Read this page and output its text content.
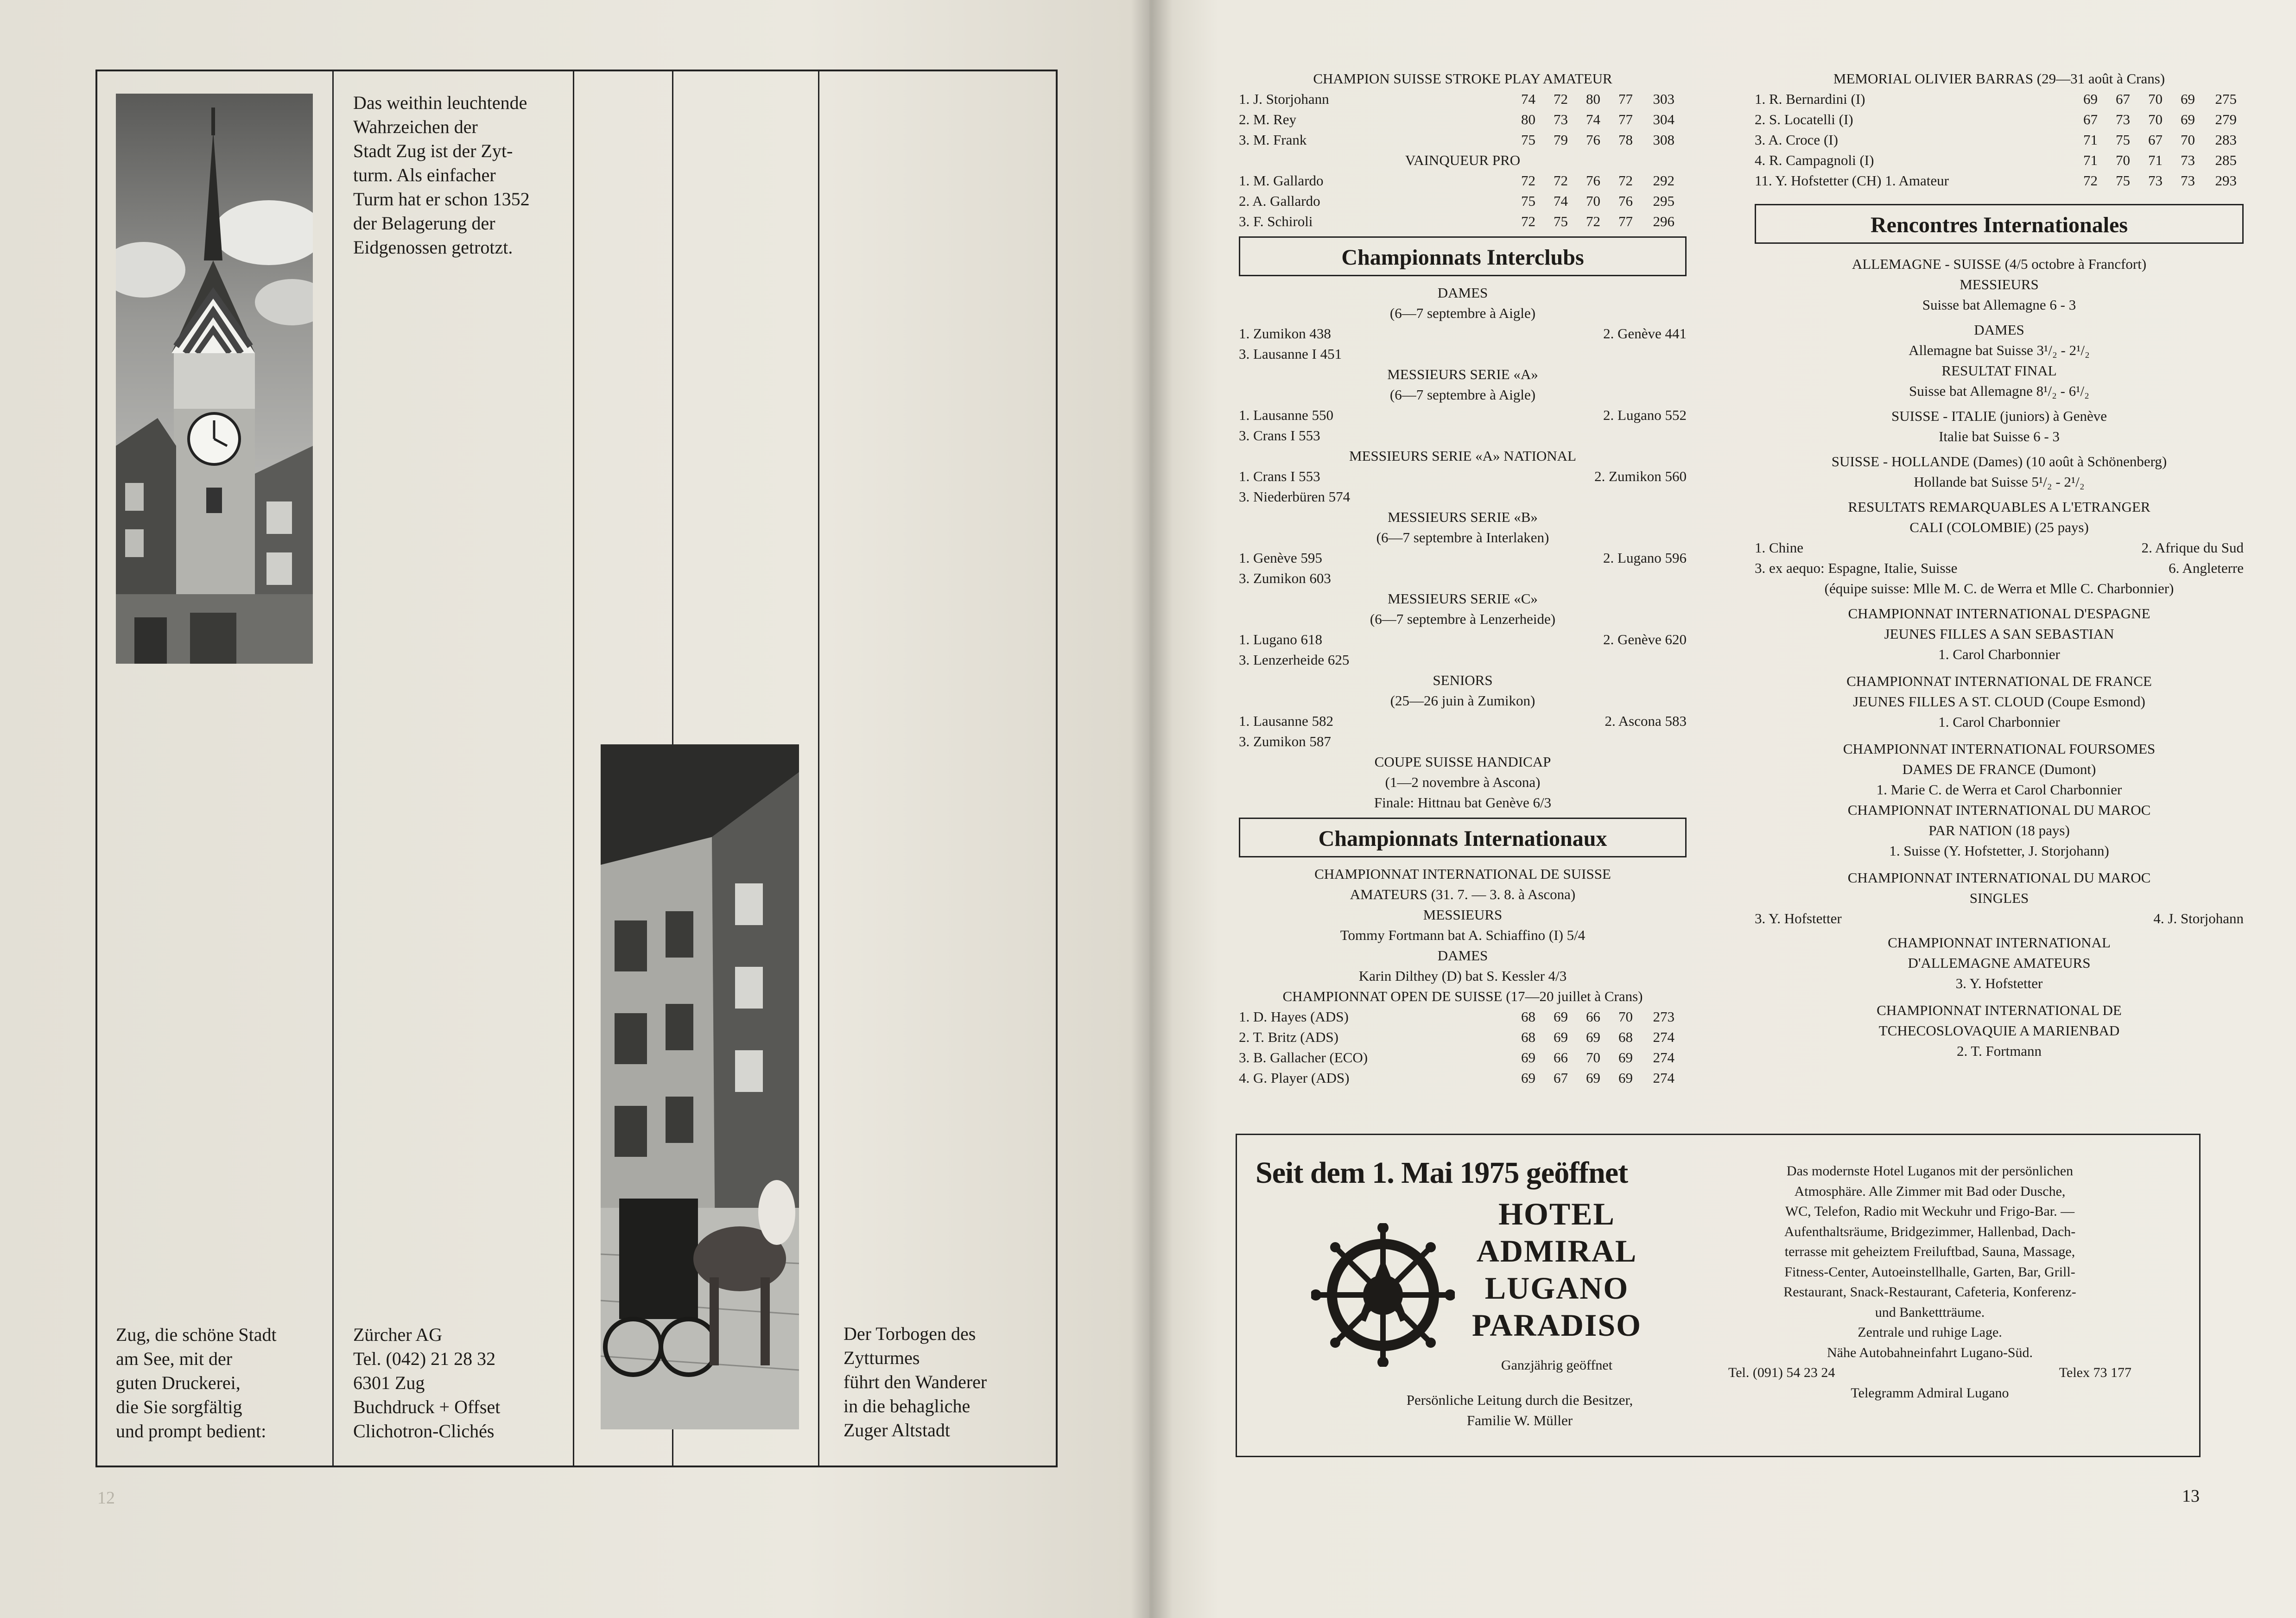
Zug, die schöne Stadt
am See, mit der
guten Druckerei,
die Sie sorgfältig
und prompt bedient:
Das weithin leuchtende
Wahrzeichen der
Stadt Zug ist der Zyt-
turm. Als einfacher
Turm hat er schon 1352
der Belagerung der
Eidgenossen getrotzt.
Zürcher AG
Tel. (042) 21 28 32
6301 Zug
Buchdruck + Offset
Clichotron-Clichés
Der Torbogen des
Zytturmes
führt den Wanderer
in die behagliche
Zuger Altstadt
12
CHAMPION SUISSE STROKE PLAY AMATEUR
1. J. Storjohann	74 72 80 77	303
2. M. Rey	80 73 74 77	304
3. M. Frank	75 79 76 78	308
VAINQUEUR PRO
1. M. Gallardo	72 72 76 72	292
2. A. Gallardo	75 74 70 76	295
3. F. Schiroli	72 75 72 77	296
Championnats Interclubs
DAMES
(6—7 septembre à Aigle)
1. Zumikon 438	2. Genève 441
3. Lausanne I 451
MESSIEURS SERIE «A»
(6—7 septembre à Aigle)
1. Lausanne 550	2. Lugano 552
3. Crans I 553
MESSIEURS SERIE «A» NATIONAL
1. Crans I 553	2. Zumikon 560
3. Niederbüren 574
MESSIEURS SERIE «B»
(6—7 septembre à Interlaken)
1. Genève 595	2. Lugano 596
3. Zumikon 603
MESSIEURS SERIE «C»
(6—7 septembre à Lenzerheide)
1. Lugano 618	2. Genève 620
3. Lenzerheide 625
SENIORS
(25—26 juin à Zumikon)
1. Lausanne 582	2. Ascona 583
3. Zumikon 587
COUPE SUISSE HANDICAP
(1—2 novembre à Ascona)
Finale: Hittnau bat Genève 6/3
Championnats Internationaux
CHAMPIONNAT INTERNATIONAL DE SUISSE
AMATEURS (31. 7. — 3. 8. à Ascona)
MESSIEURS
Tommy Fortmann bat A. Schiaffino (I) 5/4
DAMES
Karin Dilthey (D) bat S. Kessler 4/3
CHAMPIONNAT OPEN DE SUISSE (17—20 juillet à Crans)
1. D. Hayes (ADS)	68 69 66 70	273
2. T. Britz (ADS)	68 69 69 68	274
3. B. Gallacher (ECO)	69 66 70 69	274
4. G. Player (ADS)	69 67 69 69	274
MEMORIAL OLIVIER BARRAS (29—31 août à Crans)
1. R. Bernardini (I)	69 67 70 69	275
2. S. Locatelli (I)	67 73 70 69	279
3. A. Croce (I)	71 75 67 70	283
4. R. Campagnoli (I)	71 70 71 73	285
11. Y. Hofstetter (CH) 1. Amateur	72 75 73 73	293
Rencontres Internationales
ALLEMAGNE - SUISSE (4/5 octobre à Francfort)
MESSIEURS
Suisse bat Allemagne 6 - 3
DAMES
Allemagne bat Suisse 3¹/₂ - 2¹/₂
RESULTAT FINAL
Suisse bat Allemagne 8¹/₂ - 6¹/₂
SUISSE - ITALIE (juniors) à Genève
Italie bat Suisse 6 - 3
SUISSE - HOLLANDE (Dames) (10 août à Schönenberg)
Hollande bat Suisse 5¹/₂ - 2¹/₂
RESULTATS REMARQUABLES A L'ETRANGER
CALI (COLOMBIE) (25 pays)
1. Chine	2. Afrique du Sud
3. ex aequo: Espagne, Italie, Suisse	6. Angleterre
(équipe suisse: Mlle M. C. de Werra et Mlle C. Charbonnier)
CHAMPIONNAT INTERNATIONAL D'ESPAGNE
JEUNES FILLES A SAN SEBASTIAN
1. Carol Charbonnier
CHAMPIONNAT INTERNATIONAL DE FRANCE
JEUNES FILLES A ST. CLOUD (Coupe Esmond)
1. Carol Charbonnier
CHAMPIONNAT INTERNATIONAL FOURSOMES
DAMES DE FRANCE (Dumont)
1. Marie C. de Werra et Carol Charbonnier
CHAMPIONNAT INTERNATIONAL DU MAROC
PAR NATION (18 pays)
1. Suisse (Y. Hofstetter, J. Storjohann)
CHAMPIONNAT INTERNATIONAL DU MAROC
SINGLES
3. Y. Hofstetter	4. J. Storjohann
CHAMPIONNAT INTERNATIONAL
D'ALLEMAGNE AMATEURS
3. Y. Hofstetter
CHAMPIONNAT INTERNATIONAL DE
TCHECOSLOVAQUIE A MARIENBAD
2. T. Fortmann
Seit dem 1. Mai 1975 geöffnet
HOTEL
ADMIRAL
LUGANO
PARADISO
Ganzjährig geöffnet
Persönliche Leitung durch die Besitzer,
Familie W. Müller
Das modernste Hotel Luganos mit der persönlichen
Atmosphäre. Alle Zimmer mit Bad oder Dusche,
WC, Telefon, Radio mit Weckuhr und Frigo-Bar. —
Aufenthaltsräume, Bridgezimmer, Hallenbad, Dach-
terrasse mit geheiztem Freiluftbad, Sauna, Massage,
Fitness-Center, Autoeinstellhalle, Garten, Bar, Grill-
Restaurant, Snack-Restaurant, Cafeteria, Konferenz-
und Bankettträume.
Zentrale und ruhige Lage.
Nähe Autobahneinfahrt Lugano-Süd.
Tel. (091) 54 23 24	Telex 73 177
Telegramm Admiral Lugano
13
